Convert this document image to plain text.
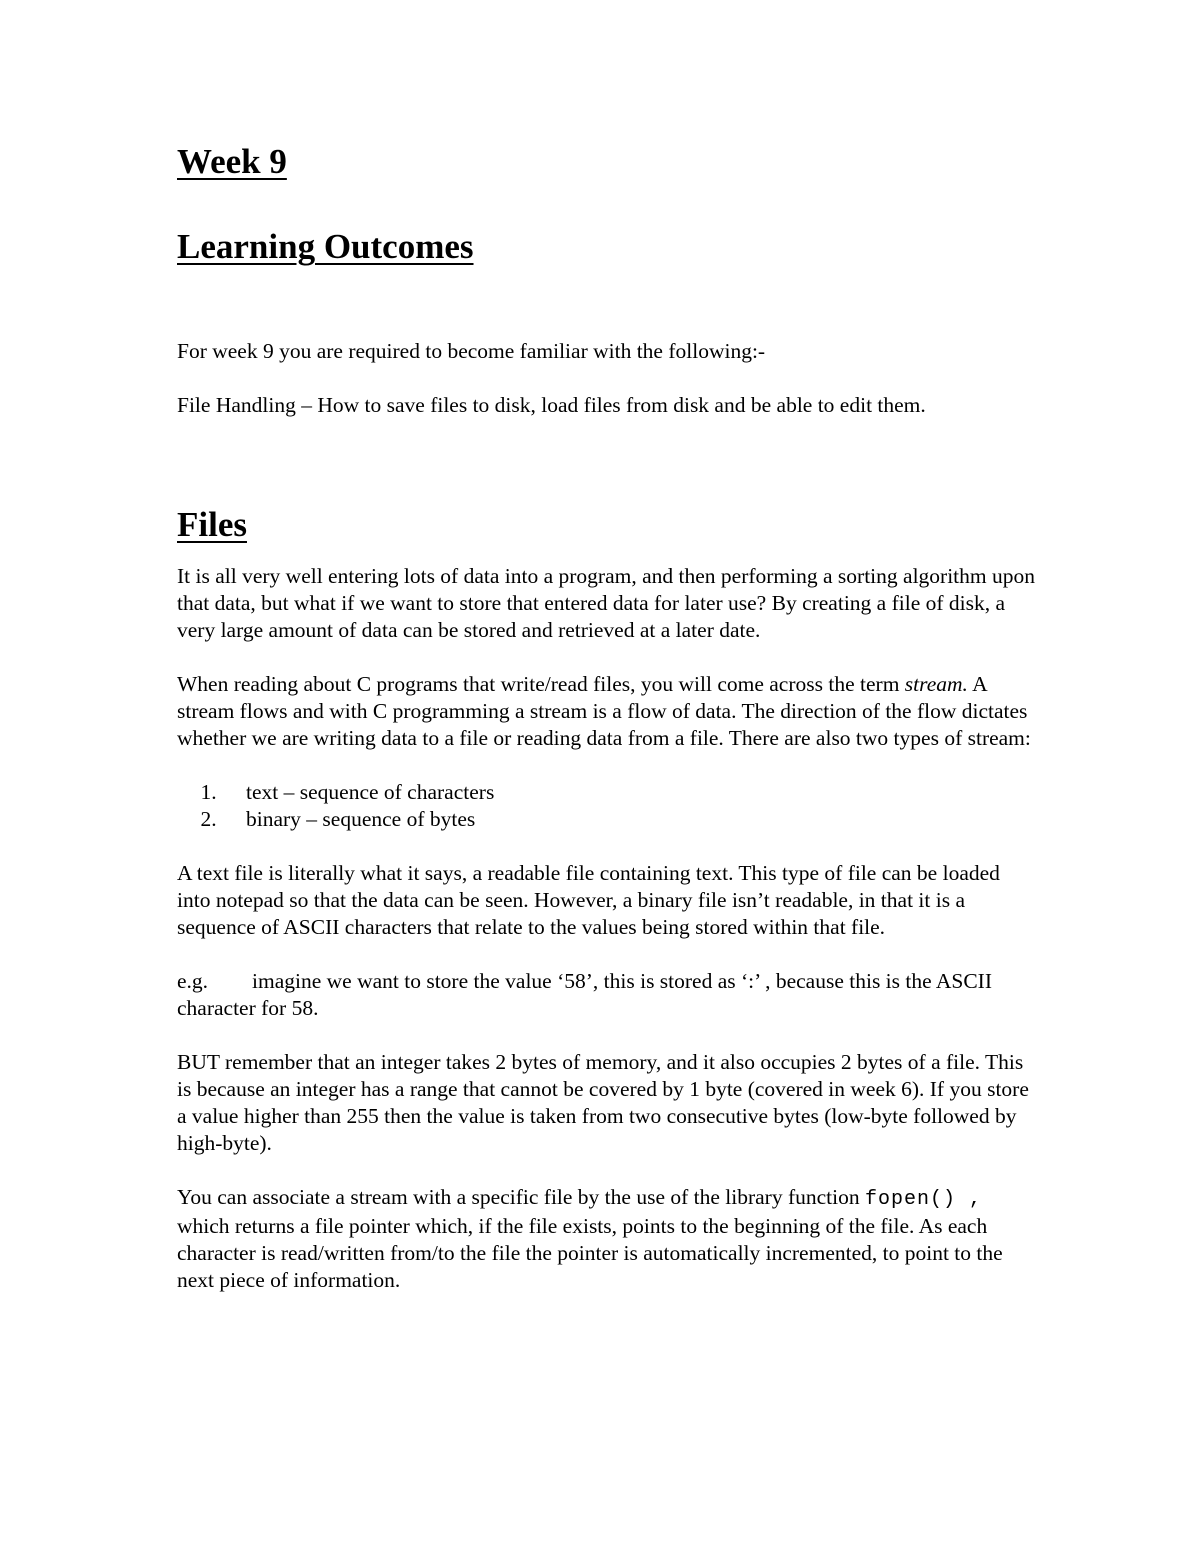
Week 9
Learning Outcomes

For week 9 you are required to become familiar with the following:-

File Handling – How to save files to disk, load files from disk and be able to edit them.

Files

It is all very well entering lots of data into a program, and then performing a sorting algorithm upon that data, but what if we want to store that entered data for later use? By creating a file of disk, a very large amount of data can be stored and retrieved at a later date.

When reading about C programs that write/read files, you will come across the term stream. A stream flows and with C programming a stream is a flow of data. The direction of the flow dictates whether we are writing data to a file or reading data from a file. There are also two types of stream:

1. text – sequence of characters
2. binary – sequence of bytes

A text file is literally what it says, a readable file containing text. This type of file can be loaded into notepad so that the data can be seen. However, a binary file isn’t readable, in that it is a sequence of ASCII characters that relate to the values being stored within that file.

e.g. imagine we want to store the value ‘58’, this is stored as ‘:’ , because this is the ASCII character for 58.

BUT remember that an integer takes 2 bytes of memory, and it also occupies 2 bytes of a file. This is because an integer has a range that cannot be covered by 1 byte (covered in week 6). If you store a value higher than 255 then the value is taken from two consecutive bytes (low-byte followed by high-byte).

You can associate a stream with a specific file by the use of the library function fopen() , which returns a file pointer which, if the file exists, points to the beginning of the file. As each character is read/written from/to the file the pointer is automatically incremented, to point to the next piece of information.
